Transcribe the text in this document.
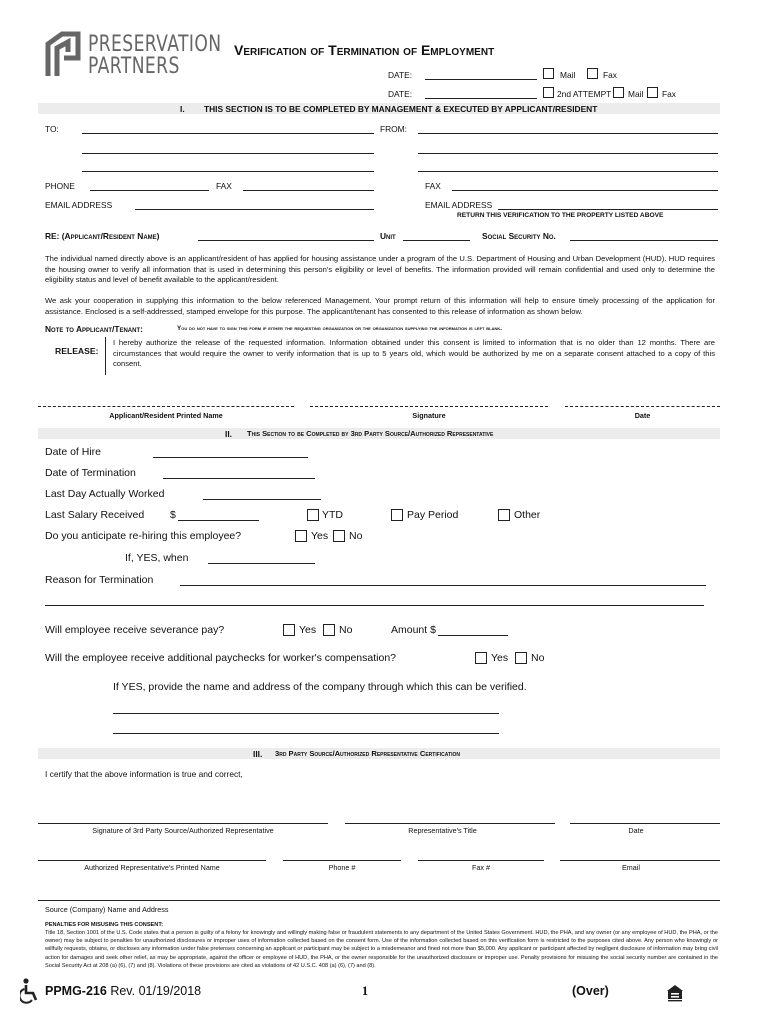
PRESERVATION
PARTNERS
Verification of Termination of Employment
DATE:	Mail	Fax
DATE:	2nd ATTEMPT Mail Fax
I. THIS SECTION IS TO BE COMPLETED BY MANAGEMENT & EXECUTED BY APPLICANT/RESIDENT
TO:	FROM:
PHONE	FAX	FAX
EMAIL ADDRESS	EMAIL ADDRESS
RETURN THIS VERIFICATION TO THE PROPERTY LISTED ABOVE
RE: (Applicant/Resident Name)	Unit	Social Security No.
The individual named directly above is an applicant/resident of has applied for housing assistance under a program of the U.S. Department of Housing and Urban Development (HUD). HUD requires the housing owner to verify all information that is used in determining this person's eligibility or level of benefits. The information provided will remain confidential and used only to determine the eligibility status and level of benefit available to the applicant/resident.
We ask your cooperation in supplying this information to the below referenced Management. Your prompt return of this information will help to ensure timely processing of the application for assistance. Enclosed is a self-addressed, stamped envelope for this purpose. The applicant/tenant has consented to this release of information as shown below.
Note to Applicant/Tenant:	You do not have to sign this form if either the requesting organization or the organization supplying the information is left blank.
RELEASE:
I hereby authorize the release of the requested information. Information obtained under this consent is limited to information that is no older than 12 months. There are circumstances that would require the owner to verify information that is up to 5 years old, which would be authorized by me on a separate consent attached to a copy of this consent.
Applicant/Resident Printed Name	Signature	Date
II. This Section to be Completed by 3rd Party Source/Authorized Representative
Date of Hire
Date of Termination
Last Day Actually Worked
Last Salary Received $	YTD	Pay Period	Other
Do you anticipate re-hiring this employee?	Yes No
If, YES, when
Reason for Termination
Will employee receive severance pay?	Yes No	Amount $
Will the employee receive additional paychecks for worker's compensation?	Yes No
If YES, provide the name and address of the company through which this can be verified.
III. 3rd Party Source/Authorized Representative Certification
I certify that the above information is true and correct,
Signature of 3rd Party Source/Authorized Representative	Representative's Title	Date
Authorized Representative's Printed Name	Phone #	Fax #	Email
Source (Company) Name and Address
PENALTIES FOR MISUSING THIS CONSENT:
Title 18, Section 1001 of the U.S. Code states that a person is guilty of a felony for knowingly and willingly making false or fraudulent statements to any department of the United States Government. HUD, the PHA, and any owner (or any employee of HUD, the PHA, or the owner) may be subject to penalties for unauthorized disclosures or improper uses of information collected based on the consent form. Use of the information collected based on this verification form is restricted to the purposes cited above. Any person who knowingly or willfully requests, obtains, or discloses any information under false pretenses concerning an applicant or participant may be subject to a misdemeanor and fined not more than $5,000. Any applicant or participant affected by negligent disclosure of information may bring civil action for damages and seek other relief, as may be appropriate, against the officer or employee of HUD, the PHA, or the owner responsible for the unauthorized disclosure or improper use. Penalty provisions for misusing the social security number are contained in the Social Security Act at 208 (a) (6), (7) and (8). Violations of these provisions are cited as violations of 42 U.S.C. 408 (a) (6), (7) and (8).
PPMG-216 Rev. 01/19/2018	1	(Over)
